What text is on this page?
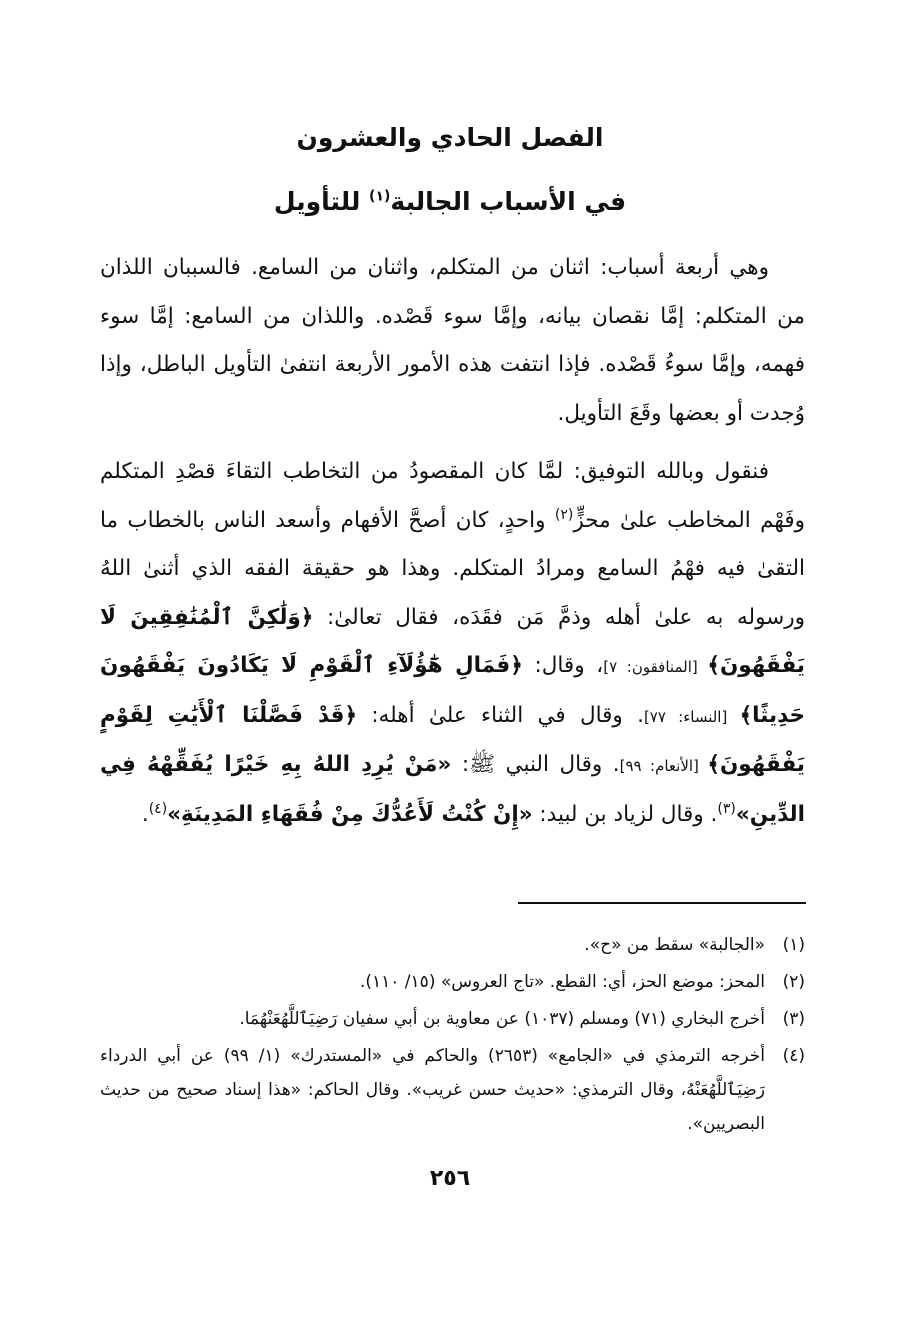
الفصل الحادي والعشرون
في الأسباب الجالبة$^{(١)}$ للتأويل

وهي أربعة أسباب: اثنان من المتكلم، واثنان من السامع. فالسببان اللذان من المتكلم: إمَّا نقصان بيانه، وإمَّا سوء قَصْده. واللذان من السامع: إمَّا سوء فهمه، وإمَّا سوءُ قَصْده. فإذا انتفت هذه الأمور الأربعة انتفىٰ التأويل الباطل، وإذا وُجدت أو بعضها وقَعَ التأويل.

فنقول وبالله التوفيق: لمَّا كان المقصودُ من التخاطب التقاءَ قصْدِ المتكلم وفَهْم المخاطب علىٰ محزٍّ$^{(٢)}$ واحدٍ، كان أصحَّ الأفهام وأسعد الناس بالخطاب ما التقىٰ فيه فهْمُ السامع ومرادُ المتكلم. وهذا هو حقيقة الفقه الذي أثنىٰ اللهُ ورسوله به علىٰ أهله وذمَّ مَن فقَدَه، فقال تعالىٰ: ﴿وَلَٰكِنَّ ٱلْمُنَٰفِقِينَ لَا يَفْقَهُونَ﴾ [المنافقون: ٧]، وقال: ﴿فَمَالِ هَٰٓؤُلَآءِ ٱلْقَوْمِ لَا يَكَادُونَ يَفْقَهُونَ حَدِيثًا﴾ [النساء: ٧٧]. وقال في الثناء علىٰ أهله: ﴿قَدْ فَصَّلْنَا ٱلْأَيَٰتِ لِقَوْمٍ يَفْقَهُونَ﴾ [الأنعام: ٩٩]. وقال النبي ﷺ: «مَنْ يُرِدِ اللهُ بِهِ خَيْرًا يُفَقِّهْهُ فِي الدِّينِ»$^{(٣)}$. وقال لزياد بن لبيد: «إِنْ كُنْتُ لَأَعُدُّكَ مِنْ فُقَهَاءِ المَدِينَةِ»$^{(٤)}$.

(١)
«الجالبة» سقط من «ح».
(٢)
المحز: موضع الحز، أي: القطع. «تاج العروس» (١٥/ ١١٠).
(٣)
أخرج البخاري (٧١) ومسلم (١٠٣٧) عن معاوية بن أبي سفيان رَضِيَٱللَّهُعَنْهُمَا.
(٤)
أخرجه الترمذي في «الجامع» (٢٦٥٣) والحاكم في «المستدرك» (١/ ٩٩) عن أبي الدرداء رَضِيَٱللَّهُعَنْهُ، وقال الترمذي: «حديث حسن غريب». وقال الحاكم: «هذا إسناد صحيح من حديث البصريين».
٢٥٦
